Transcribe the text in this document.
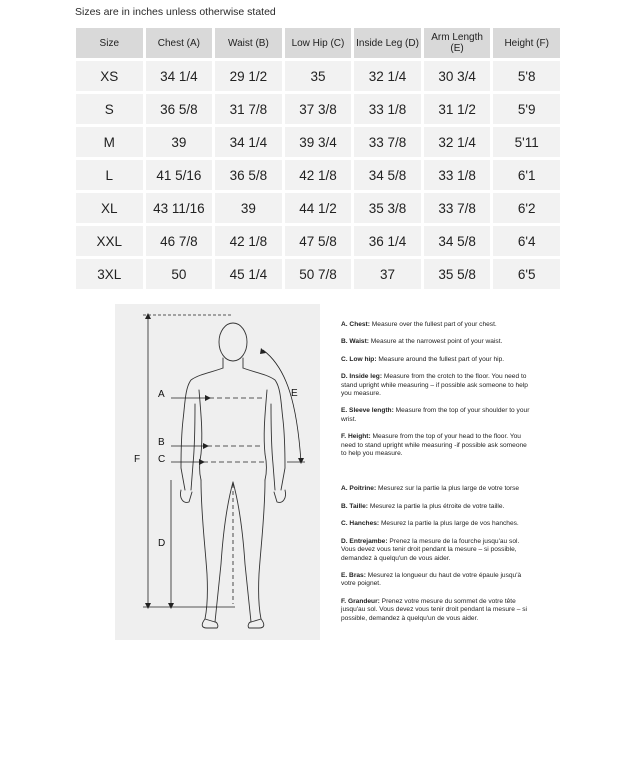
Sizes are in inches unless otherwise stated
Size	Chest (A)	Waist (B)	Low Hip (C)	Inside Leg (D)	Arm Length (E)	Height (F)
XS	34 1/4	29 1/2	35	32 1/4	30 3/4	5'8
S	36 5/8	31 7/8	37 3/8	33 1/8	31 1/2	5'9
M	39	34 1/4	39 3/4	33 7/8	32 1/4	5'11
L	41 5/16	36 5/8	42 1/8	34 5/8	33 1/8	6'1
XL	43 11/16	39	44 1/2	35 3/8	33 7/8	6'2
XXL	46 7/8	42 1/8	47 5/8	36 1/4	34 5/8	6'4
3XL	50	45 1/4	50 7/8	37	35 5/8	6'5
A
B
C
D
E
F

A. Chest: Measure over the fullest part of your chest.

B. Waist: Measure at the narrowest point of your waist.

C. Low hip: Measure around the fullest part of your hip.

D. Inside leg: Measure from the crotch to the floor. You need to stand upright while measuring – if possible ask someone to help you measure.

E. Sleeve length: Measure from the top of your shoulder to your wrist.

F. Height: Measure from the top of your head to the floor. You need to stand upright while measuring -if possible ask someone to help you measure.

A. Poitrine: Mesurez sur la partie la plus large de votre torse

B. Taille: Mesurez la partie la plus étroite de votre taille.

C. Hanches: Mesurez la partie la plus large de vos hanches.

D. Entrejambe: Prenez la mesure de la fourche jusqu'au sol. Vous devez vous tenir droit pendant la mesure – si possible, demandez à quelqu'un de vous aider.

E. Bras: Mesurez la longueur du haut de votre épaule jusqu'à votre poignet.

F. Grandeur: Prenez votre mesure du sommet de votre tête jusqu'au sol. Vous devez vous tenir droit pendant la mesure – si possible, demandez à quelqu'un de vous aider.
